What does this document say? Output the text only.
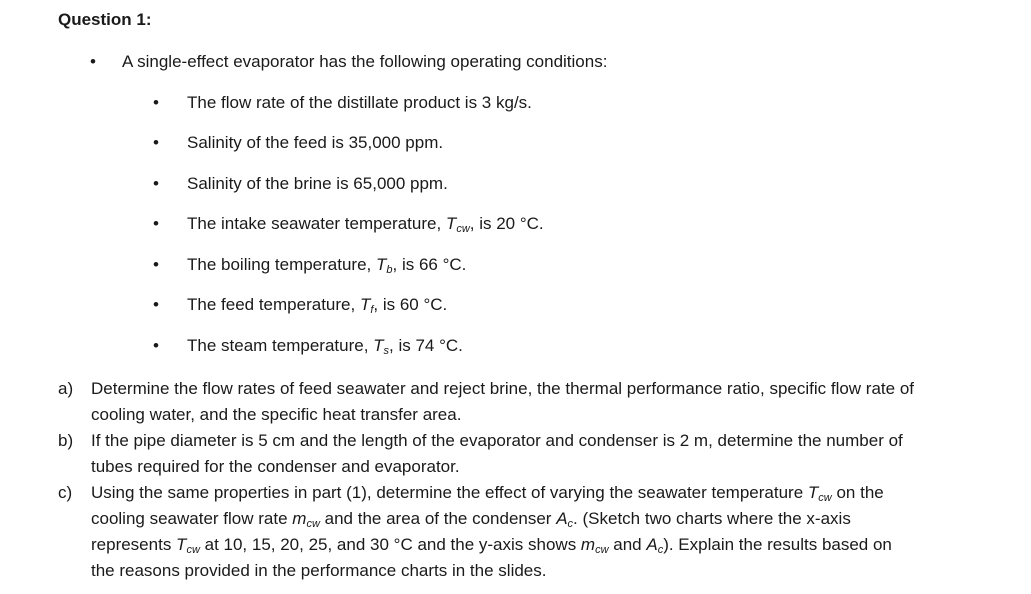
Question 1:
• A single-effect evaporator has the following operating conditions:
• The flow rate of the distillate product is 3 kg/s.
• Salinity of the feed is 35,000 ppm.
• Salinity of the brine is 65,000 ppm.
• The intake seawater temperature, $T_{cw}$, is 20 °C.
• The boiling temperature, $T_b$, is 66 °C.
• The feed temperature, $T_f$, is 60 °C.
• The steam temperature, $T_s$, is 74 °C.
a) Determine the flow rates of feed seawater and reject brine, the thermal performance ratio, specific flow rate of cooling water, and the specific heat transfer area.
b) If the pipe diameter is 5 cm and the length of the evaporator and condenser is 2 m, determine the number of tubes required for the condenser and evaporator.
c) Using the same properties in part (1), determine the effect of varying the seawater temperature $T_{cw}$ on the cooling seawater flow rate $m_{cw}$ and the area of the condenser $A_c$. (Sketch two charts where the x-axis represents $T_{cw}$ at 10, 15, 20, 25, and 30 °C and the y-axis shows $m_{cw}$ and $A_c$). Explain the results based on the reasons provided in the performance charts in the slides.
